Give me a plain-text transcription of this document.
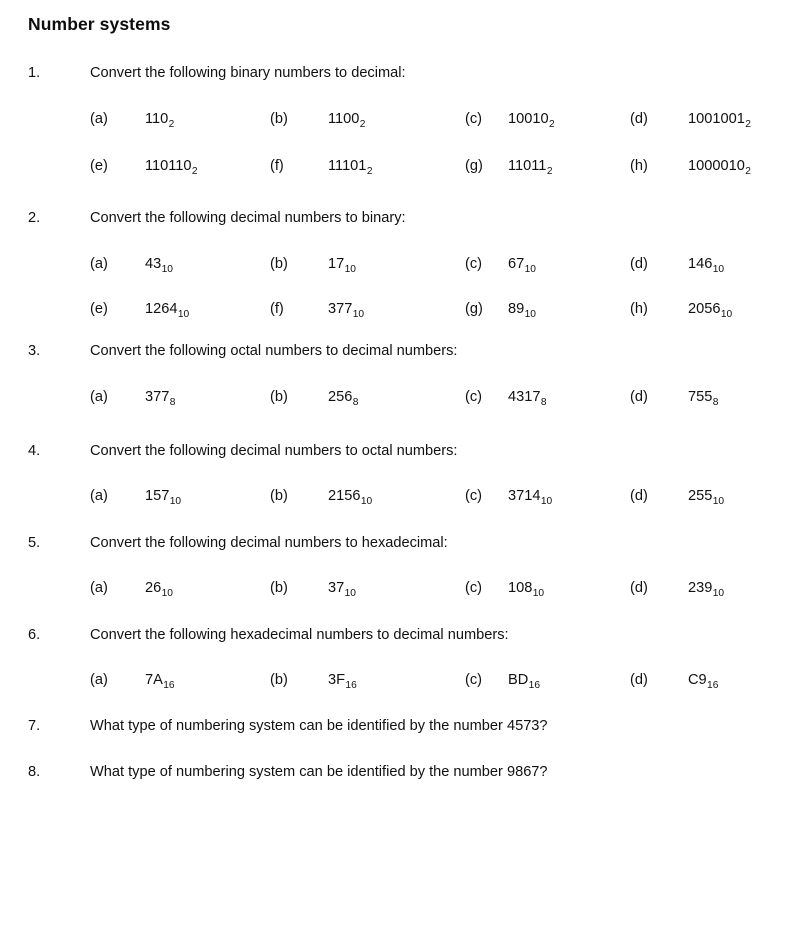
Number systems
1.	Convert the following binary numbers to decimal:
(a)	$110_2$	(b)	$1100_2$	(c) $10010_2$	(d)	$1001001_2$
(e)	$110110_2$	(f)	$11101_2$	(g) $11011_2$	(h)	$1000010_2$
2.	Convert the following decimal numbers to binary:
(a)	$43_{10}$	(b)	$17_{10}$	(c) $67_{10}$	(d)	$146_{10}$
(e)	$1264_{10}$	(f)	$377_{10}$	(g) $89_{10}$	(h)	$2056_{10}$
3.	Convert the following octal numbers to decimal numbers:
(a)	$377_8$	(b)	$256_8$	(c) $4317_8$	(d)	$755_8$
4.	Convert the following decimal numbers to octal numbers:
(a)	$157_{10}$	(b)	$2156_{10}$	(c) $3714_{10}$	(d)	$255_{10}$
5.	Convert the following decimal numbers to hexadecimal:
(a)	$26_{10}$	(b)	$37_{10}$	(c) $108_{10}$	(d)	$239_{10}$
6.	Convert the following hexadecimal numbers to decimal numbers:
(a)	$7A_{16}$	(b)	$3F_{16}$	(c) $BD_{16}$	(d)	$C9_{16}$
7.	What type of numbering system can be identified by the number 4573?
8.	What type of numbering system can be identified by the number 9867?
